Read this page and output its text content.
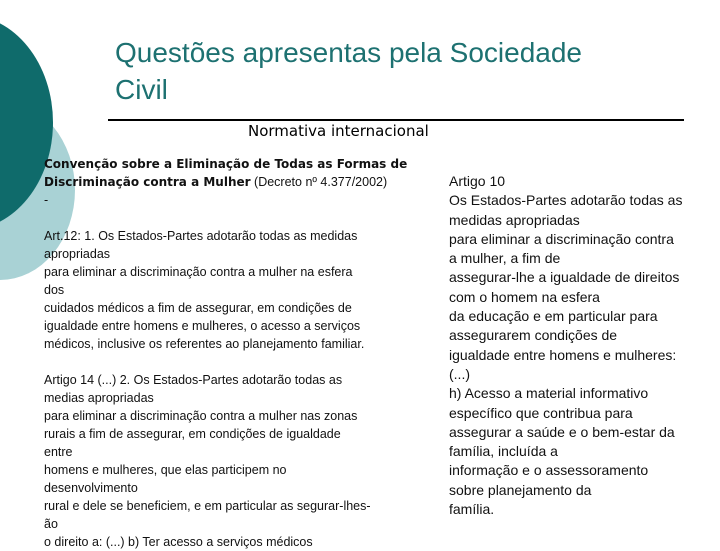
Questões apresentas pela Sociedade
Civil
Normativa internacional
Convenção sobre a Eliminação de Todas as Formas de
Discriminação contra a Mulher (Decreto nº 4.377/2002)
-
Art.12: 1. Os Estados-Partes adotarão todas as medidas
apropriadas
para eliminar a discriminação contra a mulher na esfera
dos
cuidados médicos a fim de assegurar, em condições de
igualdade entre homens e mulheres, o acesso a serviços
médicos, inclusive os referentes ao planejamento familiar.
Artigo 14 (...) 2. Os Estados-Partes adotarão todas as
medias apropriadas
para eliminar a discriminação contra a mulher nas zonas
rurais a fim de assegurar, em condições de igualdade
entre
homens e mulheres, que elas participem no
desenvolvimento
rural e dele se beneficiem, e em particular as segurar-lhes-
ão
o direito a: (...) b) Ter acesso a serviços médicos
Artigo 10
Os Estados-Partes adotarão todas as
medidas apropriadas
para eliminar a discriminação contra
a mulher, a fim de
assegurar-lhe a igualdade de direitos
com o homem na esfera
da educação e em particular para
assegurarem condições de
igualdade entre homens e mulheres:
(...)
h) Acesso a material informativo
específico que contribua para
assegurar a saúde e o bem-estar da
família, incluída a
informação e o assessoramento
sobre planejamento da
família.
